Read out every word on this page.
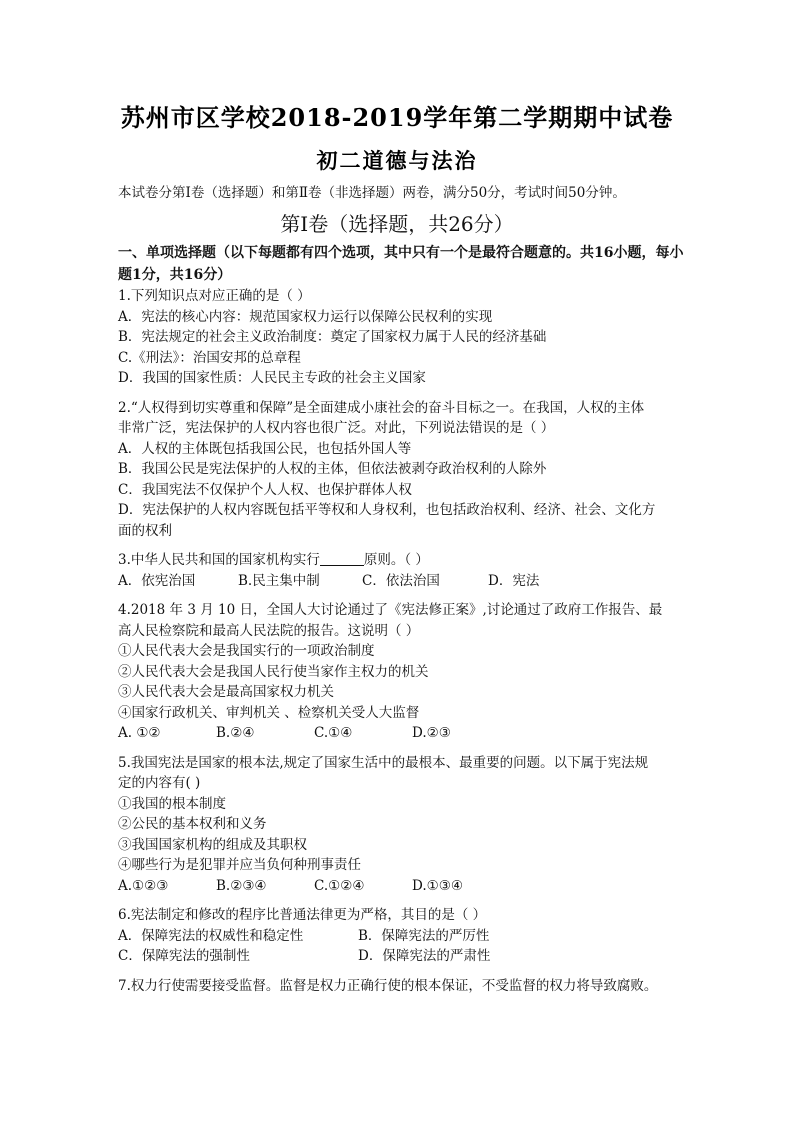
苏州市区学校2018-2019学年第二学期期中试卷
初二道德与法治
本试卷分第Ⅰ卷（选择题）和第Ⅱ卷（非选择题）两卷，满分50分，考试时间50分钟。
第Ⅰ卷（选择题，共26分）
一、单项选择题（以下每题都有四个选项，其中只有一个是最符合题意的。共16小题，每小题1分，共16分）
1.下列知识点对应正确的是（ ）
A．宪法的核心内容：规范国家权力运行以保障公民权利的实现
B．宪法规定的社会主义政治制度：奠定了国家权力属于人民的经济基础
C.《刑法》：治国安邦的总章程
D．我国的国家性质：人民民主专政的社会主义国家
2.“人权得到切实尊重和保障”是全面建成小康社会的奋斗目标之一。在我国，人权的主体
非常广泛，宪法保护的人权内容也很广泛。对此，下列说法错误的是（ ）
A．人权的主体既包括我国公民，也包括外国人等
B．我国公民是宪法保护的人权的主体，但依法被剥夺政治权利的人除外
C．我国宪法不仅保护个人人权、也保护群体人权
D．宪法保护的人权内容既包括平等权和人身权利，也包括政治权利、经济、社会、文化方
面的权利
3.中华人民共和国的国家机构实行	原则。（ ）
A．依宪治国	B.民主集中制	C．依法治国	D．宪法
4.2018 年 3 月 10 日，全国人大讨论通过了《宪法修正案》,讨论通过了政府工作报告、最
高人民检察院和最高人民法院的报告。这说明（ ）
①人民代表大会是我国实行的一项政治制度
②人民代表大会是我国人民行使当家作主权力的机关
③人民代表大会是最高国家权力机关
④国家行政机关、审判机关 、检察机关受人大监督
A. ①②	B.②④	C.①④	D.②③
5.我国宪法是国家的根本法,规定了国家生活中的最根本、最重要的问题。以下属于宪法规
定的内容有( )
①我国的根本制度
②公民的基本权利和义务
③我国国家机构的组成及其职权
④哪些行为是犯罪并应当负何种刑事责任
A.①②③	B.②③④	C.①②④	D.①③④
6.宪法制定和修改的程序比普通法律更为严格，其目的是（ ）
A．保障宪法的权威性和稳定性	B．保障宪法的严厉性
C．保障宪法的强制性	D．保障宪法的严肃性
7.权力行使需要接受监督。监督是权力正确行使的根本保证，不受监督的权力将导致腐败。
